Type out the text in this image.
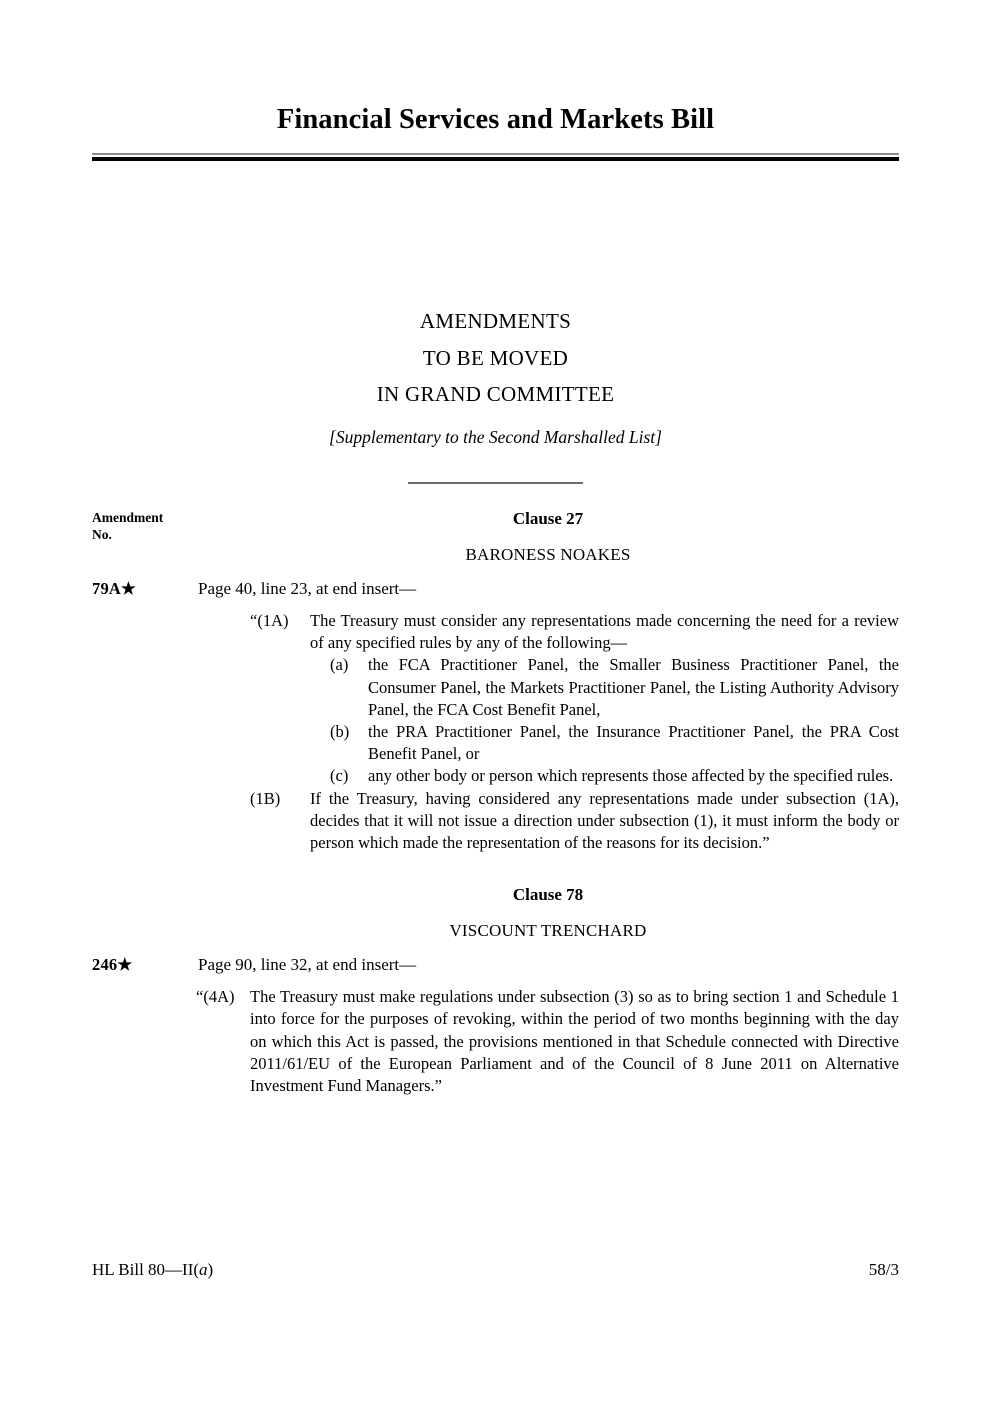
Financial Services and Markets Bill
AMENDMENTS
TO BE MOVED
IN GRAND COMMITTEE
[Supplementary to the Second Marshalled List]
Amendment
No.
Clause 27
BARONESS NOAKES
79A★	Page 40, line 23, at end insert—
“(1A)	The Treasury must consider any representations made concerning the need for a review of any specified rules by any of the following—
(a)	the FCA Practitioner Panel, the Smaller Business Practitioner Panel, the Consumer Panel, the Markets Practitioner Panel, the Listing Authority Advisory Panel, the FCA Cost Benefit Panel,
(b)	the PRA Practitioner Panel, the Insurance Practitioner Panel, the PRA Cost Benefit Panel, or
(c)	any other body or person which represents those affected by the specified rules.
(1B)	If the Treasury, having considered any representations made under subsection (1A), decides that it will not issue a direction under subsection (1), it must inform the body or person which made the representation of the reasons for its decision.”
Clause 78
VISCOUNT TRENCHARD
246★	Page 90, line 32, at end insert—
“(4A) The Treasury must make regulations under subsection (3) so as to bring section 1 and Schedule 1 into force for the purposes of revoking, within the period of two months beginning with the day on which this Act is passed, the provisions mentioned in that Schedule connected with Directive 2011/61/EU of the European Parliament and of the Council of 8 June 2011 on Alternative Investment Fund Managers.”
HL Bill 80—II(a)	58/3
